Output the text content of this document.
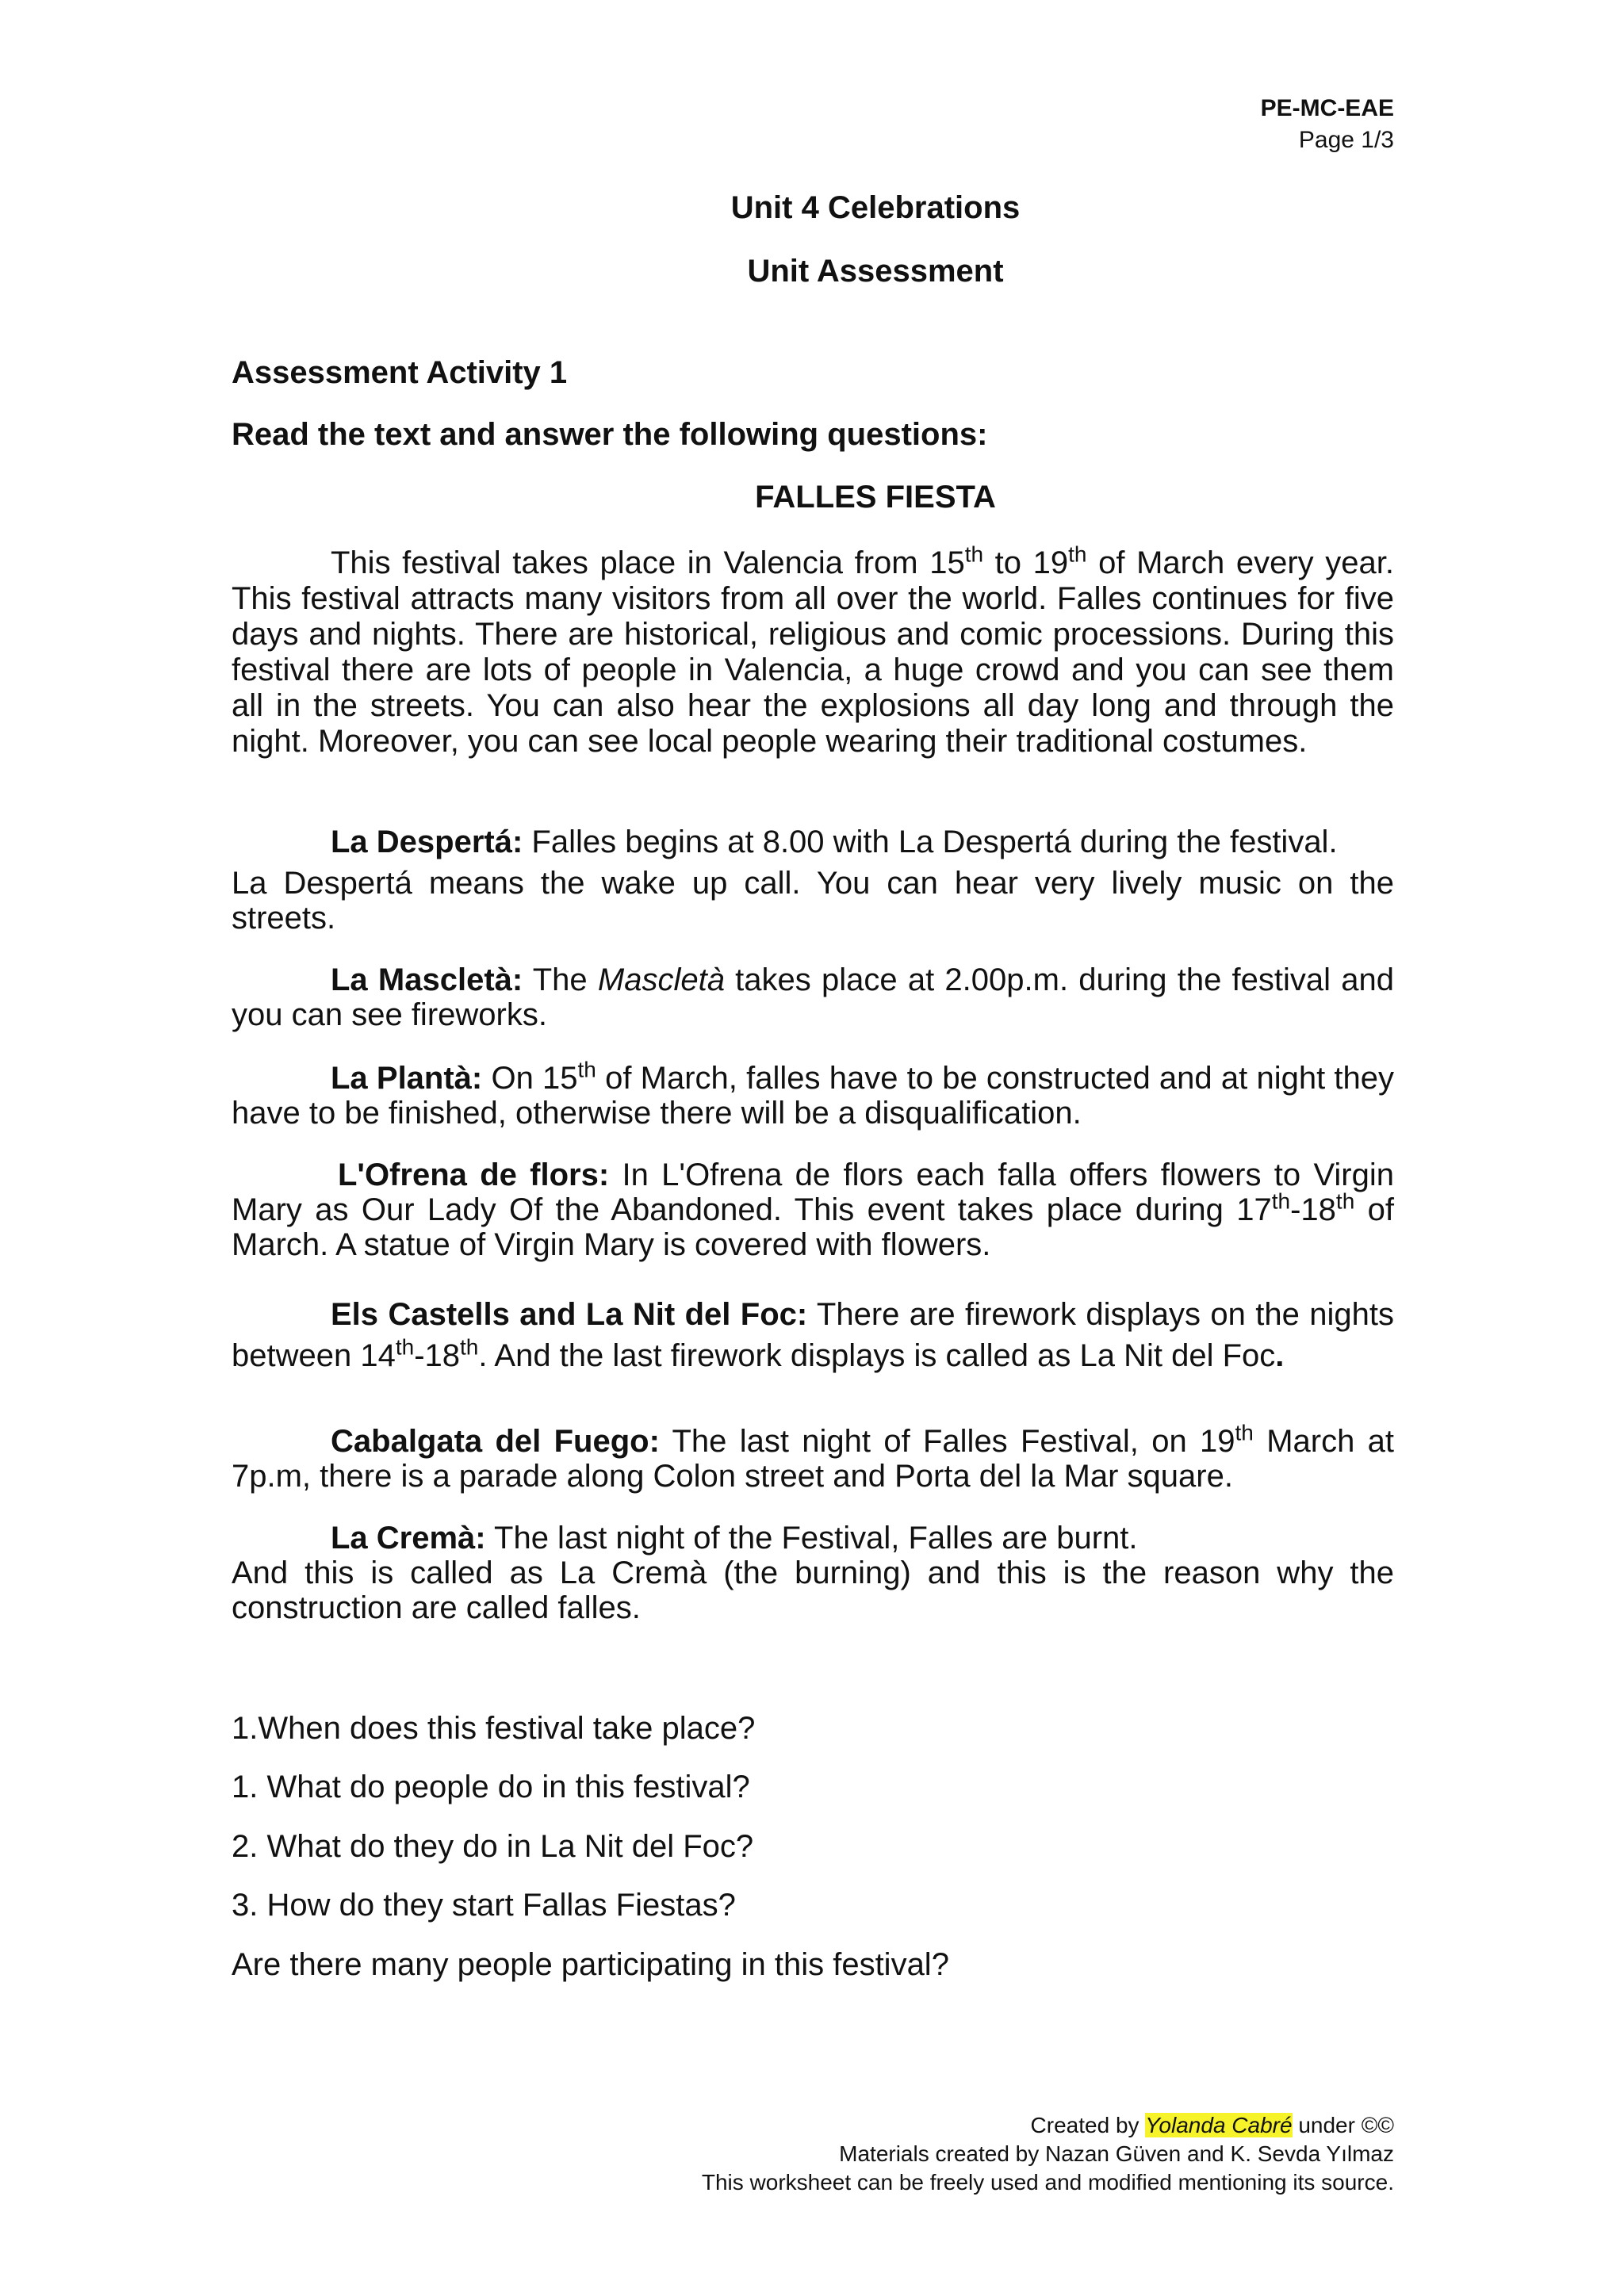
PE-MC-EAE
Page 1/3
Unit 4 Celebrations
Unit Assessment
Assessment Activity 1
Read the text and answer the following questions:
FALLES FIESTA
This festival takes place in Valencia from 15th to 19th of March every year. This festival attracts many visitors from all over the world. Falles continues for five days and nights. There are historical, religious and comic processions. During this festival there are lots of people in Valencia, a huge crowd and you can see them all in the streets. You can also hear the explosions all day long and through the night. Moreover, you can see local people wearing their traditional costumes.
La Despertá: Falles begins at 8.00 with La Despertá during the festival.
La Despertá means the wake up call. You can hear very lively music on the streets.
La Mascletà: The Mascletà takes place at 2.00p.m. during the festival and you can see fireworks.
La Plantà: On 15th of March, falles have to be constructed and at night they have to be finished, otherwise there will be a disqualification.
L'Ofrena de flors: In L'Ofrena de flors each falla offers flowers to Virgin Mary as Our Lady Of the Abandoned. This event takes place during 17th-18th of March. A statue of Virgin Mary is covered with flowers.
Els Castells and La Nit del Foc: There are firework displays on the nights between 14th-18th. And the last firework displays is called as La Nit del Foc.
Cabalgata del Fuego: The last night of Falles Festival, on 19th March at 7p.m, there is a parade along Colon street and Porta del la Mar square.
La Cremà: The last night of the Festival, Falles are burnt.
And this is called as La Cremà (the burning) and this is the reason why the construction are called falles.
1.When does this festival take place?
1. What do people do in this festival?
2. What do they do in La Nit del Foc?
3. How do they start Fallas Fiestas?
Are there many people participating in this festival?
Created by Yolanda Cabré under ©©
Materials created by Nazan Güven and K. Sevda Yılmaz
This worksheet can be freely used and modified mentioning its source.
